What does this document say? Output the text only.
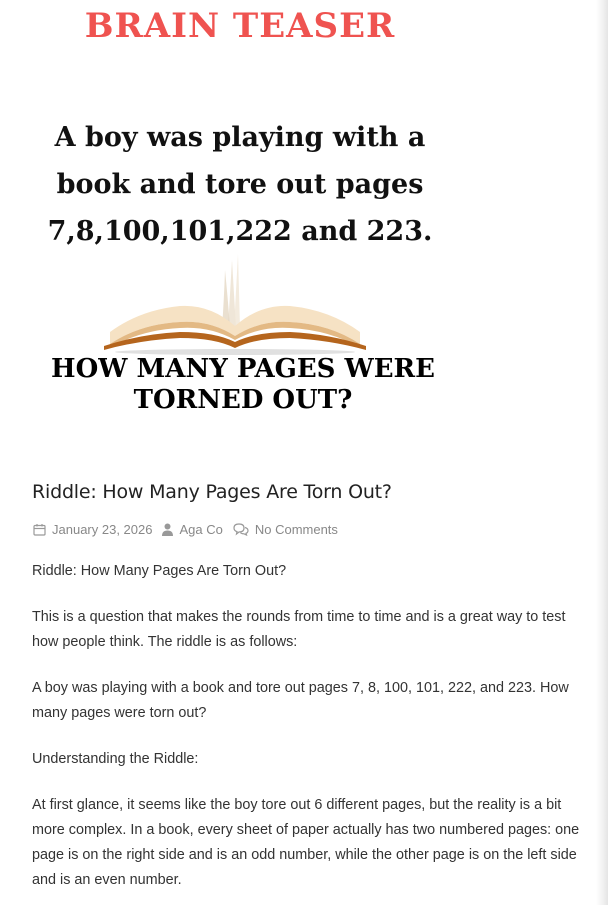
BRAIN TEASER
A boy was playing with a
book and tore out pages
7,8,100,101,222 and 223.
HOW MANY PAGES WERE
TORNED OUT?
Riddle: How Many Pages Are Torn Out?
January 23, 2026 Aga Co No Comments

Riddle: How Many Pages Are Torn Out?

This is a question that makes the rounds from time to time and is a great way to test how people think. The riddle is as follows:

A boy was playing with a book and tore out pages 7, 8, 100, 101, 222, and 223. How many pages were torn out?

Understanding the Riddle:

At first glance, it seems like the boy tore out 6 different pages, but the reality is a bit more complex. In a book, every sheet of paper actually has two numbered pages: one page is on the right side and is an odd number, while the other page is on the left side and is an even number.
